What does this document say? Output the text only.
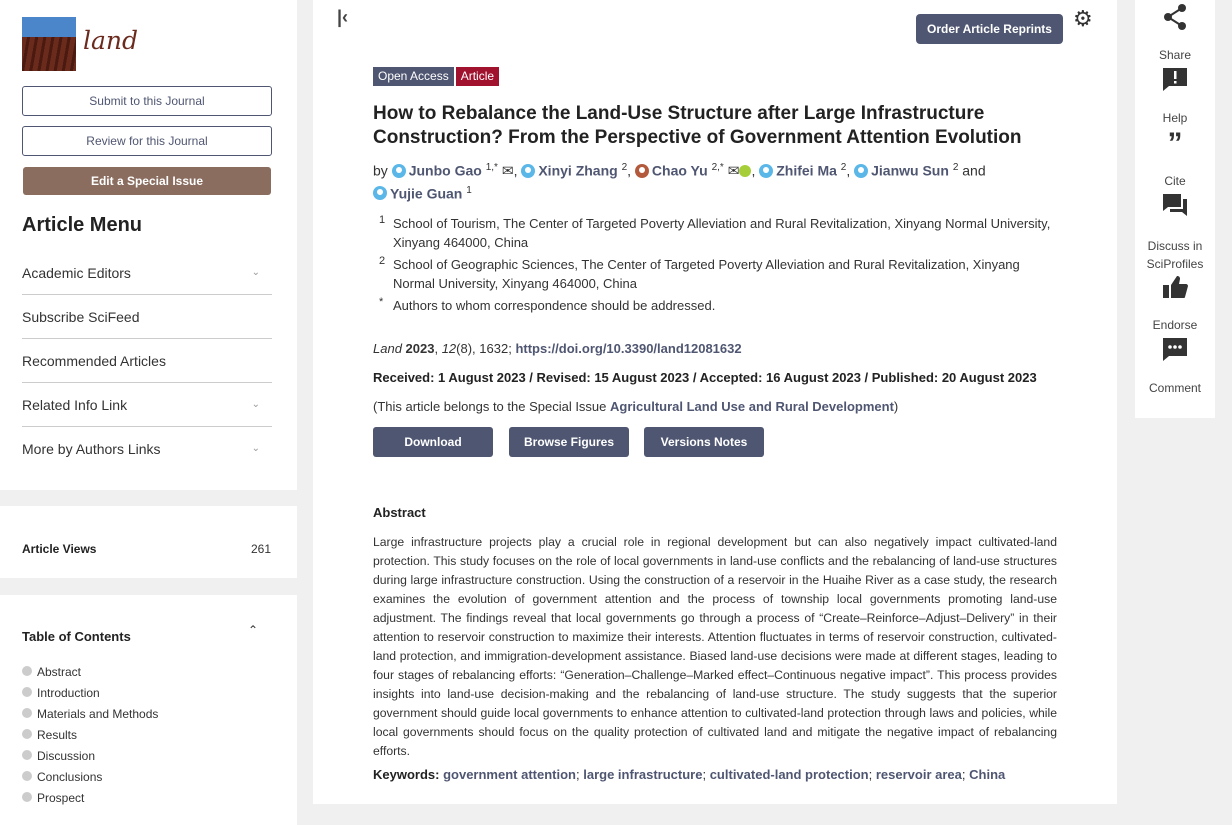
land
Submit to this Journal
Review for this Journal
Edit a Special Issue
Article Menu
Academic Editors	⌄
Subscribe SciFeed
Recommended Articles
Related Info Link	⌄
More by Authors Links	⌄
Article Views	261
Table of Contents	⌃
Abstract
Introduction
Materials and Methods
Results
Discussion
Conclusions
Prospect
|‹
Order Article Reprints ⚙
Open Access Article
How to Rebalance the Land-Use Structure after Large Infrastructure Construction? From the Perspective of Government Attention Evolution
by Junbo Gao $^{1,*}$ ✉, Xinyi Zhang $^2$, Chao Yu $^{2,*}$ ✉ , Zhifei Ma $^2$, Jianwu Sun $^2$ and
Yujie Guan $^1$
1 School of Tourism, The Center of Targeted Poverty Alleviation and Rural Revitalization, Xinyang Normal University, Xinyang 464000, China
2 School of Geographic Sciences, The Center of Targeted Poverty Alleviation and Rural Revitalization, Xinyang Normal University, Xinyang 464000, China
* Authors to whom correspondence should be addressed.
Land 2023, 12(8), 1632; https://doi.org/10.3390/land12081632
Received: 1 August 2023 / Revised: 15 August 2023 / Accepted: 16 August 2023 / Published: 20 August 2023
(This article belongs to the Special Issue Agricultural Land Use and Rural Development)
Download	Browse Figures	Versions Notes
Abstract
Large infrastructure projects play a crucial role in regional development but can also negatively impact cultivated-land protection. This study focuses on the role of local governments in land-use conflicts and the rebalancing of land-use structures during large infrastructure construction. Using the construction of a reservoir in the Huaihe River as a case study, the research examines the evolution of government attention and the process of township local governments promoting land-use adjustment. The findings reveal that local governments go through a process of “Create–Reinforce–Adjust–Delivery” in their attention to reservoir construction to maximize their interests. Attention fluctuates in terms of reservoir construction, cultivated-land protection, and immigration-development assistance. Biased land-use decisions were made at different stages, leading to four stages of rebalancing efforts: “Generation–Challenge–Marked effect–Continuous negative impact”. This process provides insights into land-use decision-making and the rebalancing of land-use structure. The study suggests that the superior government should guide local governments to enhance attention to cultivated-land protection through laws and policies, while local governments should focus on the quality protection of cultivated land and mitigate the negative impact of rebalancing efforts.
Keywords: government attention; large infrastructure; cultivated-land protection; reservoir area; China
Share
Help
”
Cite
Discuss in
SciProfiles
Endorse
Comment
